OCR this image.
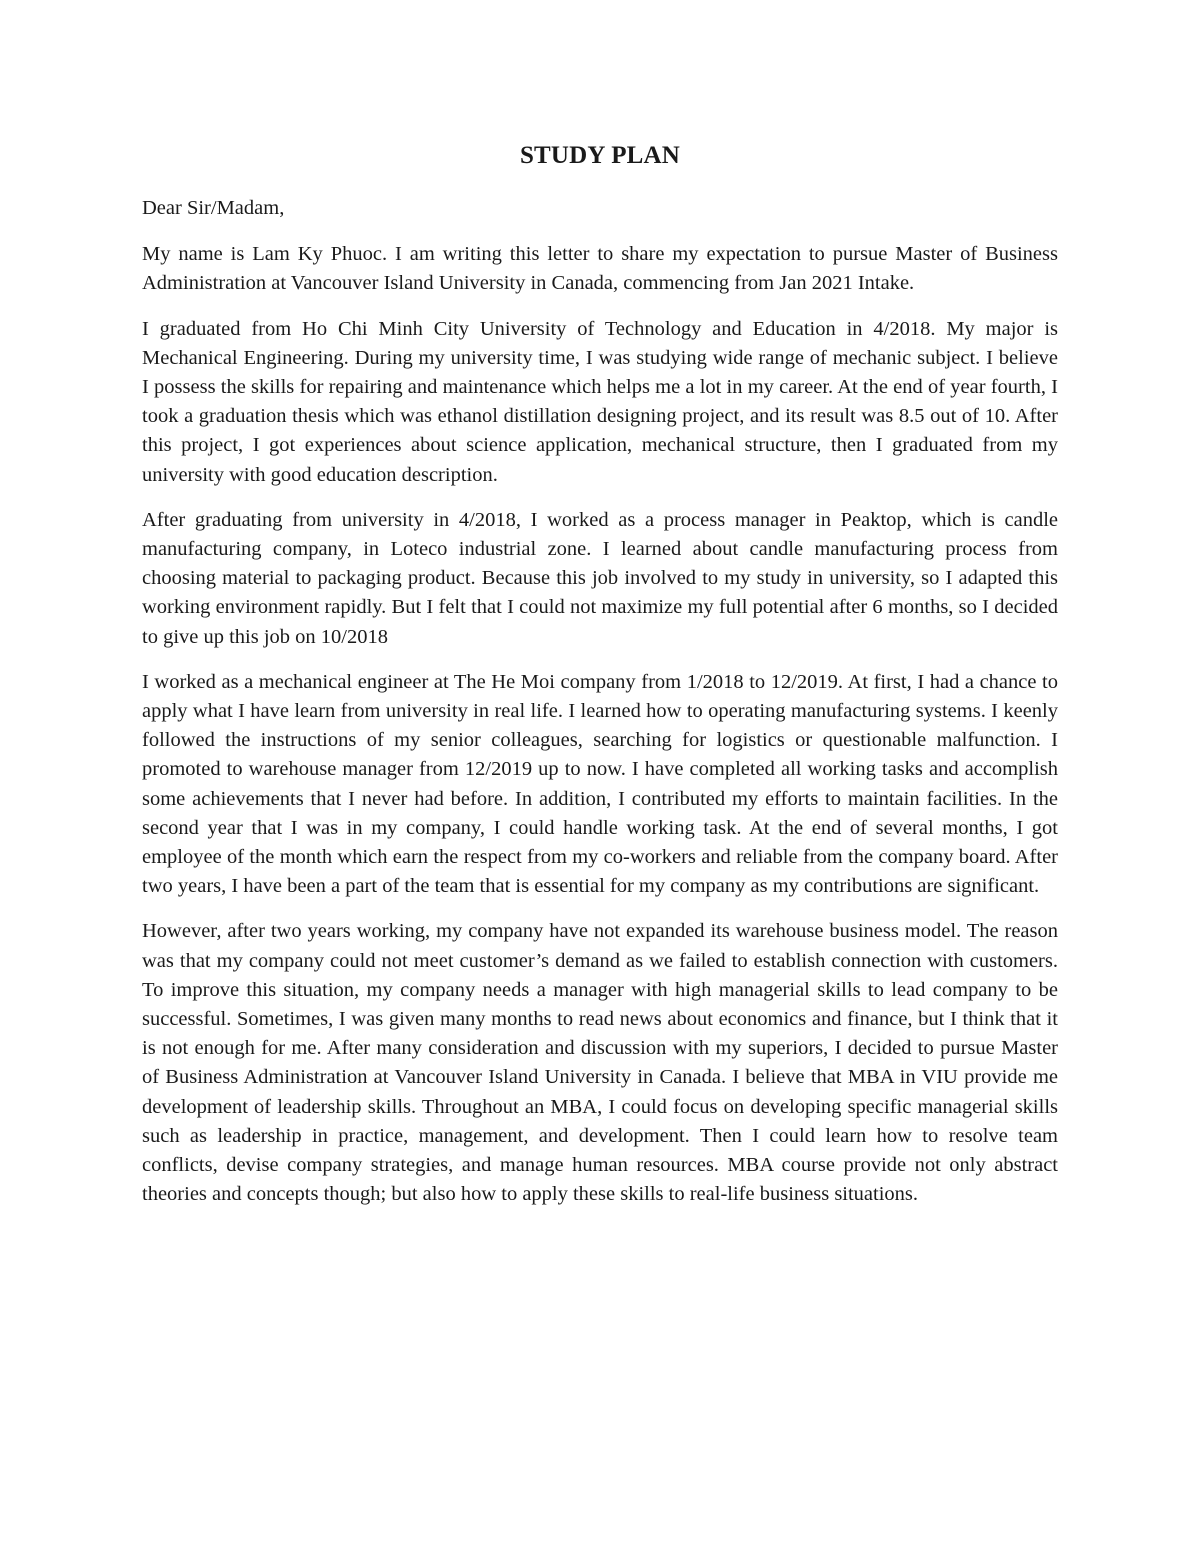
STUDY PLAN

Dear Sir/Madam,

My name is Lam Ky Phuoc. I am writing this letter to share my expectation to pursue Master of Business Administration at Vancouver Island University in Canada, commencing from Jan 2021 Intake.

I graduated from Ho Chi Minh City University of Technology and Education in 4/2018. My major is Mechanical Engineering. During my university time, I was studying wide range of mechanic subject. I believe I possess the skills for repairing and maintenance which helps me a lot in my career. At the end of year fourth, I took a graduation thesis which was ethanol distillation designing project, and its result was 8.5 out of 10. After this project, I got experiences about science application, mechanical structure, then I graduated from my university with good education description.

After graduating from university in 4/2018, I worked as a process manager in Peaktop, which is candle manufacturing company, in Loteco industrial zone. I learned about candle manufacturing process from choosing material to packaging product. Because this job involved to my study in university, so I adapted this working environment rapidly. But I felt that I could not maximize my full potential after 6 months, so I decided to give up this job on 10/2018

I worked as a mechanical engineer at The He Moi company from 1/2018 to 12/2019. At first, I had a chance to apply what I have learn from university in real life. I learned how to operating manufacturing systems. I keenly followed the instructions of my senior colleagues, searching for logistics or questionable malfunction. I promoted to warehouse manager from 12/2019 up to now. I have completed all working tasks and accomplish some achievements that I never had before. In addition, I contributed my efforts to maintain facilities. In the second year that I was in my company, I could handle working task. At the end of several months, I got employee of the month which earn the respect from my co-workers and reliable from the company board. After two years, I have been a part of the team that is essential for my company as my contributions are significant.

However, after two years working, my company have not expanded its warehouse business model. The reason was that my company could not meet customer’s demand as we failed to establish connection with customers. To improve this situation, my company needs a manager with high managerial skills to lead company to be successful. Sometimes, I was given many months to read news about economics and finance, but I think that it is not enough for me. After many consideration and discussion with my superiors, I decided to pursue Master of Business Administration at Vancouver Island University in Canada. I believe that MBA in VIU provide me development of leadership skills. Throughout an MBA, I could focus on developing specific managerial skills such as leadership in practice, management, and development. Then I could learn how to resolve team conflicts, devise company strategies, and manage human resources. MBA course provide not only abstract theories and concepts though; but also how to apply these skills to real-life business situations.
